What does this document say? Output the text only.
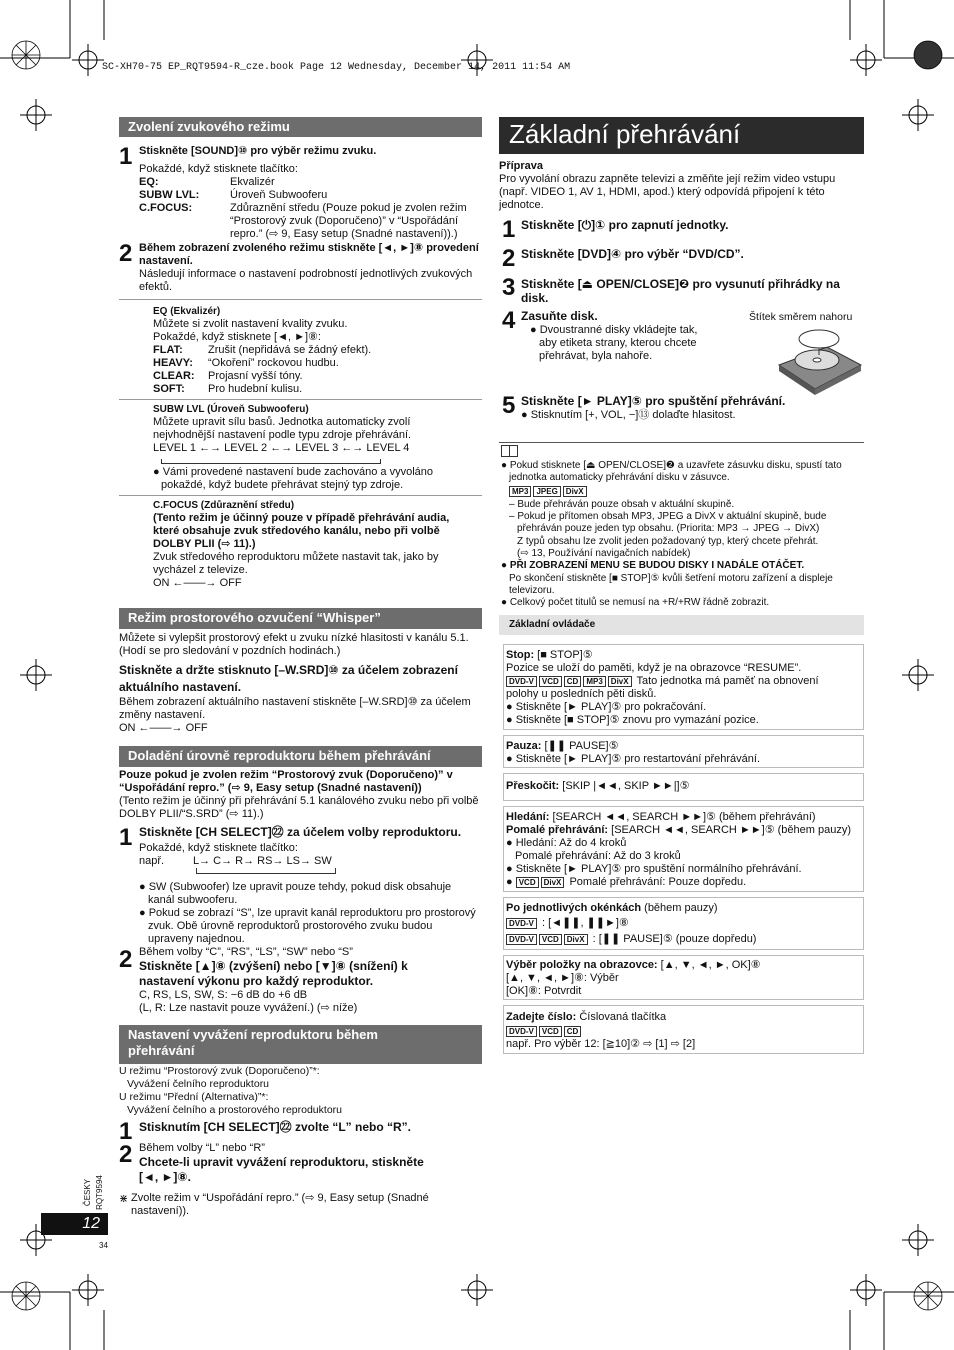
SC-XH70-75 EP_RQT9594-R_cze.book Page 12 Wednesday, December 14, 2011 11:54 AM
Zvolení zvukového režimu
1 Stiskněte [SOUND]⑩ pro výběr režimu zvuku.
Pokaždé, když stisknete tlačítko:
EQ:	Ekvalizér
SUBW LVL:	Úroveň Subwooferu
C.FOCUS:	Zdůraznění středu (Pouze pokud je zvolen režim “Prostorový zvuk (Doporučeno)” v “Uspořádání repro.” (⇨ 9, Easy setup (Snadné nastavení)).)
2 Během zobrazení zvoleného režimu stiskněte [◄, ►]⑧ provedení nastavení.
Následují informace o nastavení podrobností jednotlivých zvukových efektů.
EQ (Ekvalizér)
Můžete si zvolit nastavení kvality zvuku.
Pokaždé, když stisknete [◄, ►]⑧:
FLAT:	Zrušit (nepřidává se žádný efekt).
HEAVY:	“Okoření” rockovou hudbu.
CLEAR:	Projasní vyšší tóny.
SOFT:	Pro hudební kulisu.
SUBW LVL (Úroveň Subwooferu)
Můžete upravit sílu basů. Jednotka automaticky zvolí
nejvhodnější nastavení podle typu zdroje přehrávání.
LEVEL 1 ←→ LEVEL 2 ←→ LEVEL 3 ←→ LEVEL 4
● Vámi provedené nastavení bude zachováno a vyvoláno
pokaždé, když budete přehrávat stejný typ zdroje.
C.FOCUS (Zdůraznění středu)
(Tento režim je účinný pouze v případě přehrávání audia,
které obsahuje zvuk středového kanálu, nebo při volbě
DOLBY PLII (⇨ 11).)
Zvuk středového reproduktoru můžete nastavit tak, jako by
vycházel z televize.
ON ←——→ OFF
Režim prostorového ozvučení “Whisper”
Můžete si vylepšit prostorový efekt u zvuku nízké hlasitosti v kanálu 5.1.
(Hodí se pro sledování v pozdních hodinách.)
Stiskněte a držte stisknuto [–W.SRD]⑩ za účelem zobrazení
aktuálního nastavení.
Během zobrazení aktuálního nastavení stiskněte [–W.SRD]⑩ za účelem
změny nastavení.
ON ←——→ OFF
Doladění úrovně reproduktoru během přehrávání
Pouze pokud je zvolen režim “Prostorový zvuk (Doporučeno)” v
“Uspořádání repro.” (⇨ 9, Easy setup (Snadné nastavení))
(Tento režim je účinný při přehrávání 5.1 kanálového zvuku nebo při volbě
DOLBY PLII/“S.SRD” (⇨ 11).)
1 Stiskněte [CH SELECT]㉒ za účelem volby reproduktoru.
Pokaždé, když stisknete tlačítko:
např.	L→ C→ R→ RS→ LS→ SW
● SW (Subwoofer) lze upravit pouze tehdy, pokud disk obsahuje
kanál subwooferu.
● Pokud se zobrazí “S”, lze upravit kanál reproduktoru pro prostorový
zvuk. Obě úrovně reproduktorů prostorového zvuku budou
upraveny najednou.
2 Během volby “C”, “RS”, “LS”, “SW” nebo “S”
Stiskněte [▲]⑧ (zvýšení) nebo [▼]⑧ (snížení) k
nastavení výkonu pro každý reproduktor.
C, RS, LS, SW, S: −6 dB do +6 dB
(L, R: Lze nastavit pouze vyvážení.) (⇨ níže)
Nastavení vyvážení reproduktoru během
přehrávání
U režimu “Prostorový zvuk (Doporučeno)”*:
Vyvážení čelního reproduktoru
U režimu “Přední (Alternativa)”*:
Vyvážení čelního a prostorového reproduktoru
1 Stisknutím [CH SELECT]㉒ zvolte “L” nebo “R”.
2 Během volby “L” nebo “R”
Chcete-li upravit vyvážení reproduktoru, stiskněte
[◄, ►]⑧.
⋇ Zvolte režim v “Uspořádání repro.” (⇨ 9, Easy setup (Snadné
nastavení)).
Základní přehrávání
Příprava
Pro vyvolání obrazu zapněte televizi a změňte její režim video vstupu
(např. VIDEO 1, AV 1, HDMI, apod.) který odpovídá připojení k této
jednotce.
1 Stiskněte [⏻]① pro zapnutí jednotky.
2 Stiskněte [DVD]④ pro výběr “DVD/CD”.
3 Stiskněte [⏏ OPEN/CLOSE]❷ pro vysunutí přihrádky na
disk.
4 Zasuňte disk.
● Dvoustranné disky vkládejte tak,
aby etiketa strany, kterou chcete
přehrávat, byla nahoře.
Štítek směrem nahoru
5 Stiskněte [► PLAY]⑤ pro spuštění přehrávání.
● Stisknutím [+, VOL, −]⑬ dolaďte hlasitost.
● Pokud stisknete [⏏ OPEN/CLOSE]❷ a uzavřete zásuvku disku, spustí tato
jednotka automaticky přehrávání disku v zásuvce.
MP3 JPEG DivX
– Bude přehráván pouze obsah v aktuální skupině.
– Pokud je přítomen obsah MP3, JPEG a DivX v aktuální skupině, bude
přehráván pouze jeden typ obsahu. (Priorita: MP3 → JPEG → DivX)
Z typů obsahu lze zvolit jeden požadovaný typ, který chcete přehrát.
(⇨ 13, Používání navigačních nabídek)
● PŘI ZOBRAZENÍ MENU SE BUDOU DISKY I NADÁLE OTÁČET.
Po skončení stiskněte [■ STOP]⑤ kvůli šetření motoru zařízení a displeje
televizoru.
● Celkový počet titulů se nemusí na +R/+RW řádně zobrazit.
Základní ovládače
Stop: [■ STOP]⑤
Pozice se uloží do paměti, když je na obrazovce “RESUME”.
DVD-V VCD CD MP3 DivX Tato jednotka má paměť na obnovení
polohy u posledních pěti disků.
● Stiskněte [► PLAY]⑤ pro pokračování.
● Stiskněte [■ STOP]⑤ znovu pro vymazání pozice.
Pauza: [❚❚ PAUSE]⑤
● Stiskněte [► PLAY]⑤ pro restartování přehrávání.
Přeskočit: [SKIP |◄◄, SKIP ►►|]⑤
Hledání: [SEARCH ◄◄, SEARCH ►►]⑤ (během přehrávání)
Pomalé přehrávání: [SEARCH ◄◄, SEARCH ►►]⑤ (během pauzy)
● Hledání: Až do 4 kroků
Pomalé přehrávání: Až do 3 kroků
● Stiskněte [► PLAY]⑤ pro spuštění normálního přehrávání.
● VCD DivX Pomalé přehrávání: Pouze dopředu.
Po jednotlivých okénkách (během pauzy)
DVD-V : [◄❚❚, ❚❚►]⑧
DVD-V VCD DivX : [❚❚ PAUSE]⑤ (pouze dopředu)
Výběr položky na obrazovce: [▲, ▼, ◄, ►, OK]⑧
[▲, ▼, ◄, ►]⑧: Výběr
[OK]⑧: Potvrdit
Zadejte číslo: Číslovaná tlačítka
DVD-V VCD CD
např. Pro výběr 12: [≧10]② ⇨ [1] ⇨ [2]
ČESKY RQT9594
12
34
